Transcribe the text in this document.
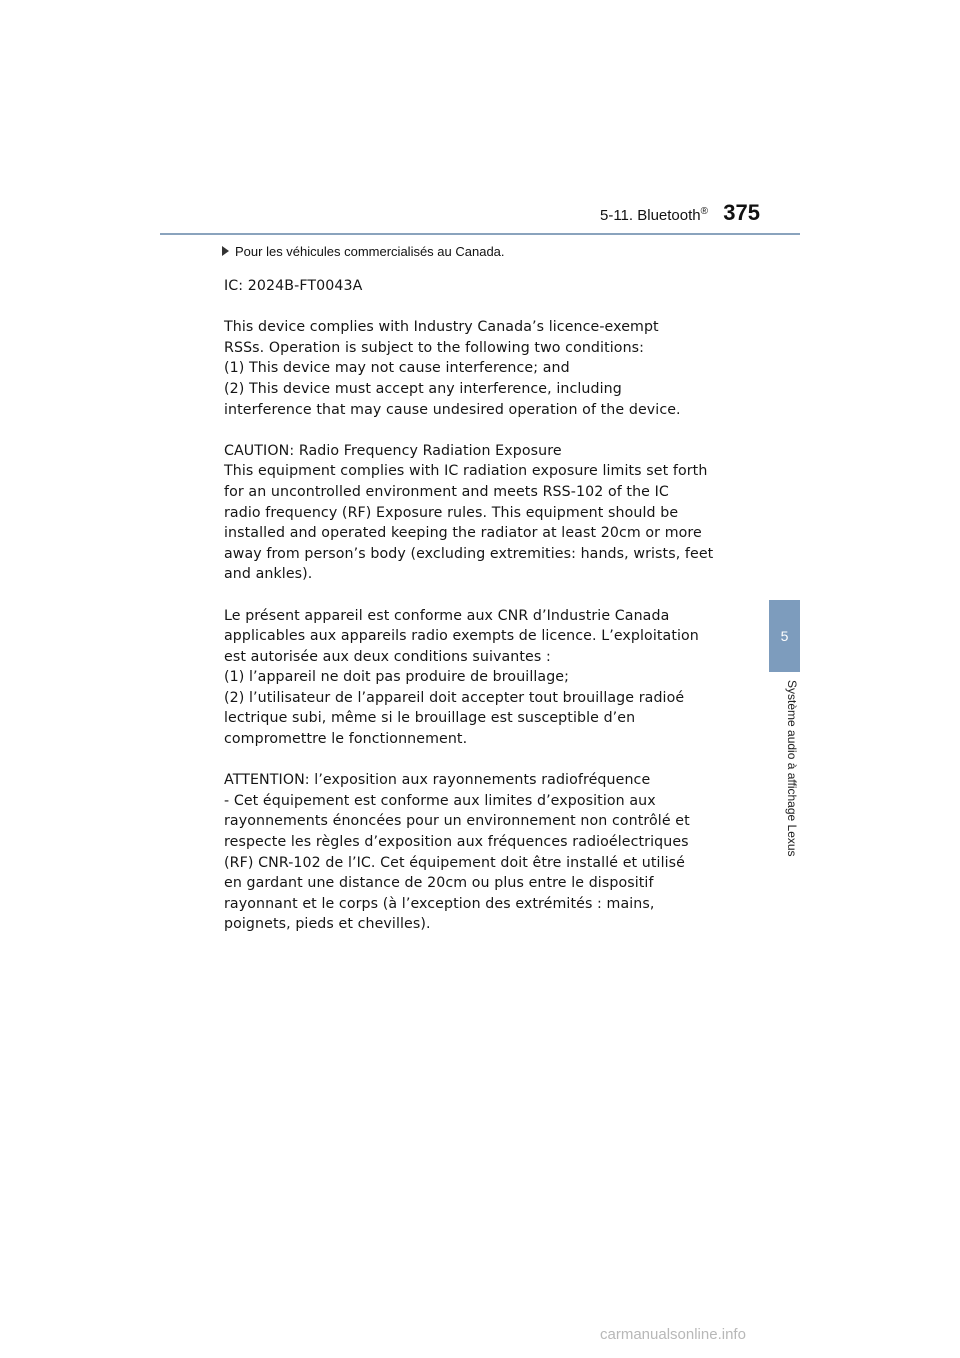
5-11. Bluetooth® 375
5
Système audio à affichage Lexus
Pour les véhicules commercialisés au Canada.
IC: 2024B-FT0043A
This device complies with Industry Canada’s licence-exempt
RSSs. Operation is subject to the following two conditions:
(1) This device may not cause interference; and
(2) This device must accept any interference, including
interference that may cause undesired operation of the device.
CAUTION: Radio Frequency Radiation Exposure
This equipment complies with IC radiation exposure limits set forth
for an uncontrolled environment and meets RSS-102 of the IC
radio frequency (RF) Exposure rules. This equipment should be
installed and operated keeping the radiator at least 20cm or more
away from person’s body (excluding extremities: hands, wrists, feet
and ankles).
Le présent appareil est conforme aux CNR d’Industrie Canada
applicables aux appareils radio exempts de licence. L’exploitation
est autorisée aux deux conditions suivantes :
(1) l’appareil ne doit pas produire de brouillage;
(2) l’utilisateur de l’appareil doit accepter tout brouillage radioé
lectrique subi, même si le brouillage est susceptible d’en
compromettre le fonctionnement.
ATTENTION: l’exposition aux rayonnements radiofréquence
- Cet équipement est conforme aux limites d’exposition aux
rayonnements énoncées pour un environnement non contrôlé et
respecte les règles d’exposition aux fréquences radioélectriques
(RF) CNR-102 de l’IC. Cet équipement doit être installé et utilisé
en gardant une distance de 20cm ou plus entre le dispositif
rayonnant et le corps (à l’exception des extrémités : mains,
poignets, pieds et chevilles).
carmanualsonline.info
